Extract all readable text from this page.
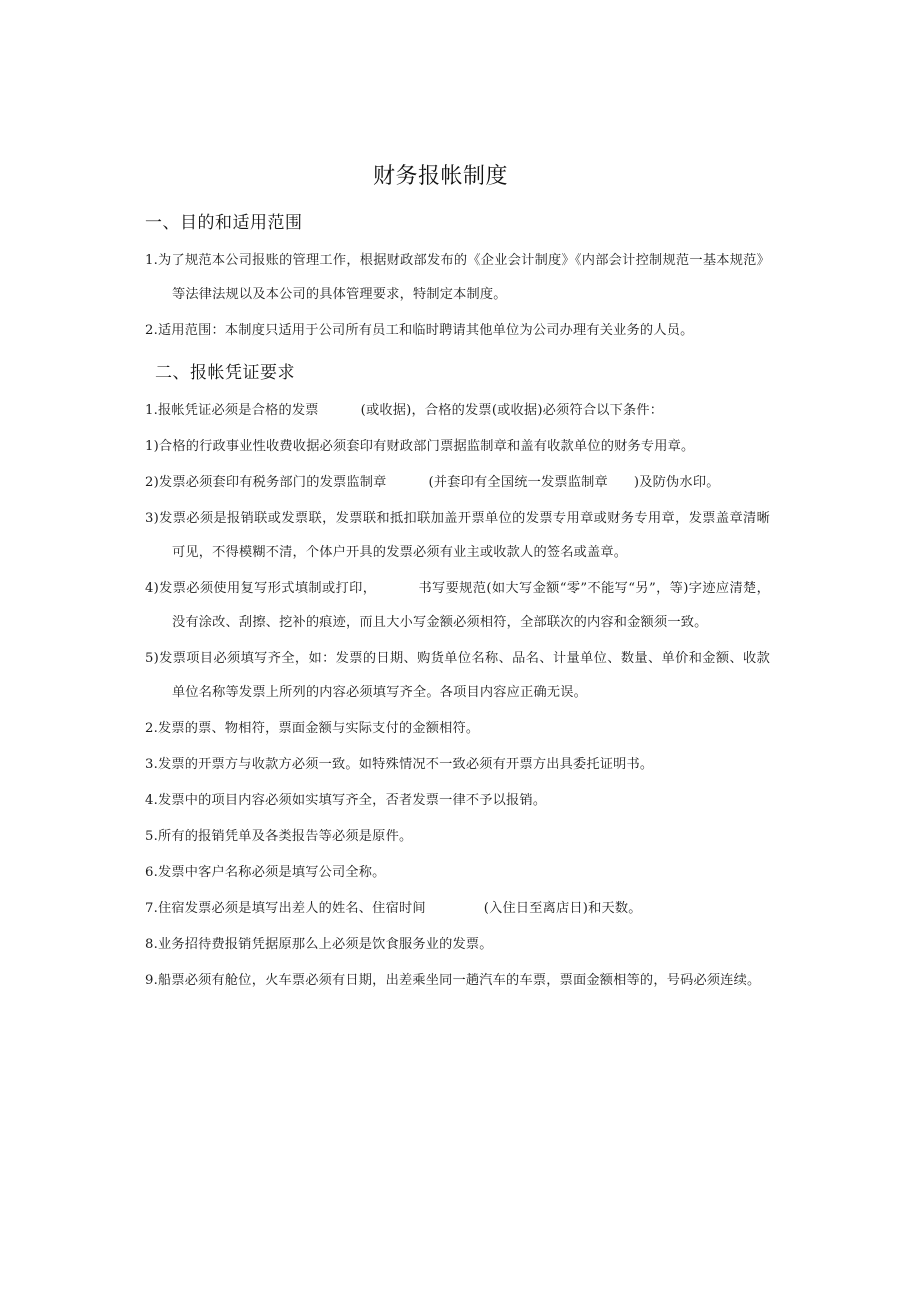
财务报帐制度
一、目的和适用范围

1.为了规范本公司报账的管理工作，根据财政部发布的《企业会计制度》《内部会计控制规范一基本规范》等法律法规以及本公司的具体管理要求，特制定本制度。

2.适用范围：本制度只适用于公司所有员工和临时聘请其他单位为公司办理有关业务的人员。

二、报帐凭证要求

1.报帐凭证必须是合格的发票	(或收据)，合格的发票(或收据)必须符合以下条件：

1)合格的行政事业性收费收据必须套印有财政部门票据监制章和盖有收款单位的财务专用章。

2)发票必须套印有税务部门的发票监制章	(并套印有全国统一发票监制章 )及防伪水印。

3)发票必须是报销联或发票联，发票联和抵扣联加盖开票单位的发票专用章或财务专用章，发票盖章清晰可见，不得模糊不清，个体户开具的发票必须有业主或收款人的签名或盖章。

4)发票必须使用复写形式填制或打印，	书写要规范(如大写金额“零”不能写“另”，等)字迹应清楚，没有涂改、刮擦、挖补的痕迹，而且大小写金额必须相符，全部联次的内容和金额须一致。

5)发票项目必须填写齐全，如：发票的日期、购货单位名称、品名、计量单位、数量、单价和金额、收款单位名称等发票上所列的内容必须填写齐全。各项目内容应正确无误。

2.发票的票、物相符，票面金额与实际支付的金额相符。

3.发票的开票方与收款方必须一致。如特殊情况不一致必须有开票方出具委托证明书。

4.发票中的项目内容必须如实填写齐全，否者发票一律不予以报销。

5.所有的报销凭单及各类报告等必须是原件。

6.发票中客户名称必须是填写公司全称。

7.住宿发票必须是填写出差人的姓名、住宿时间	(入住日至离店日)和天数。

8.业务招待费报销凭据原那么上必须是饮食服务业的发票。

9.船票必须有舱位，火车票必须有日期，出差乘坐同一趟汽车的车票，票面金额相等的，号码必须连续。
